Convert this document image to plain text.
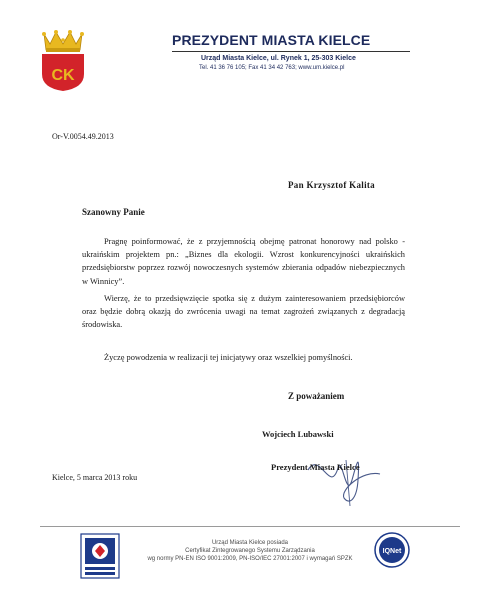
CK
PREZYDENT MIASTA KIELCE
Urząd Miasta Kielce, ul. Rynek 1, 25-303 Kielce
Tel. 41 36 76 105; Fax 41 34 42 763; www.um.kielce.pl
Or-V.0054.49.2013
Pan Krzysztof Kalita
Szanowny Panie
Pragnę poinformować, że z przyjemnością obejmę patronat honorowy nad polsko - ukraińskim projektem pn.: „Biznes dla ekologii. Wzrost konkurencyjności ukraińskich przedsiębiorstw poprzez rozwój nowoczesnych systemów zbierania odpadów niebezpiecznych w Winnicy”.
Wierzę, że to przedsięwzięcie spotka się z dużym zainteresowaniem przedsiębiorców oraz będzie dobrą okazją do zwrócenia uwagi na temat zagrożeń związanych z degradacją środowiska.
Życzę powodzenia w realizacji tej inicjatywy oraz wszelkiej pomyślności.
Z poważaniem
Wojciech Lubawski
Prezydent Miasta Kielce
Kielce, 5 marca 2013 roku
Urząd Miasta Kielce posiada
Certyfikat Zintegrowanego Systemu Zarządzania
wg normy PN-EN ISO 9001:2009, PN-ISO/IEC 27001:2007 i wymagań SPZK
IQNet
